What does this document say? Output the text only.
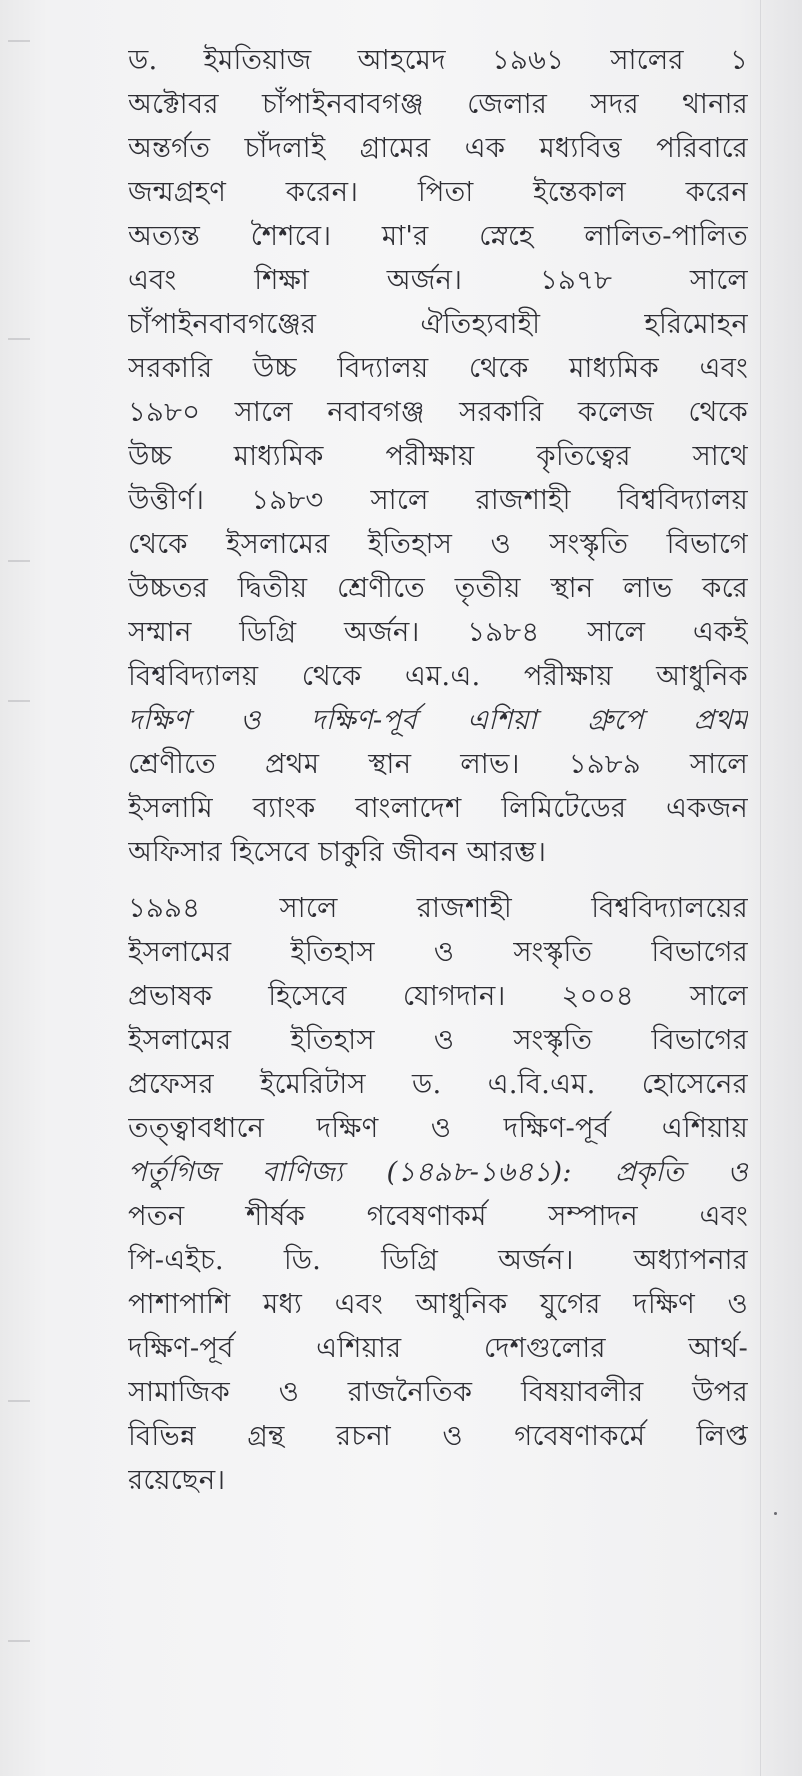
ড. ইমতিয়াজ আহমেদ ১৯৬১ সালের ১
অক্টোবর চাঁপাইনবাবগঞ্জ জেলার সদর থানার
অন্তর্গত চাঁদলাই গ্রামের এক মধ্যবিত্ত পরিবারে
জন্মগ্রহণ করেন। পিতা ইন্তেকাল করেন
অত্যন্ত শৈশবে। মা'র স্নেহে লালিত-পালিত
এবং শিক্ষা অর্জন। ১৯৭৮ সালে
চাঁপাইনবাবগঞ্জের ঐতিহ্যবাহী হরিমোহন
সরকারি উচ্চ বিদ্যালয় থেকে মাধ্যমিক এবং
১৯৮০ সালে নবাবগঞ্জ সরকারি কলেজ থেকে
উচ্চ মাধ্যমিক পরীক্ষায় কৃতিত্বের সাথে
উত্তীর্ণ। ১৯৮৩ সালে রাজশাহী বিশ্ববিদ্যালয়
থেকে ইসলামের ইতিহাস ও সংস্কৃতি বিভাগে
উচ্চতর দ্বিতীয় শ্রেণীতে তৃতীয় স্থান লাভ করে
সম্মান ডিগ্রি অর্জন। ১৯৮৪ সালে একই
বিশ্ববিদ্যালয় থেকে এম.এ. পরীক্ষায় আধুনিক
দক্ষিণ ও দক্ষিণ-পূর্ব এশিয়া গ্রুপে প্রথম
শ্রেণীতে প্রথম স্থান লাভ। ১৯৮৯ সালে
ইসলামি ব্যাংক বাংলাদেশ লিমিটেডের একজন
অফিসার হিসেবে চাকুরি জীবন আরম্ভ।

১৯৯৪ সালে রাজশাহী বিশ্ববিদ্যালয়ের
ইসলামের ইতিহাস ও সংস্কৃতি বিভাগের
প্রভাষক হিসেবে যোগদান। ২০০৪ সালে
ইসলামের ইতিহাস ও সংস্কৃতি বিভাগের
প্রফেসর ইমেরিটাস ড. এ.বি.এম. হোসেনের
তত্ত্বাবধানে দক্ষিণ ও দক্ষিণ-পূর্ব এশিয়ায়
পর্তুগিজ বাণিজ্য (১৪৯৮-১৬৪১): প্রকৃতি ও
পতন শীর্ষক গবেষণাকর্ম সম্পাদন এবং
পি-এইচ. ডি. ডিগ্রি অর্জন। অধ্যাপনার
পাশাপাশি মধ্য এবং আধুনিক যুগের দক্ষিণ ও
দক্ষিণ-পূর্ব এশিয়ার দেশগুলোর আর্থ-
সামাজিক ও রাজনৈতিক বিষয়াবলীর উপর
বিভিন্ন গ্রন্থ রচনা ও গবেষণাকর্মে লিপ্ত
রয়েছেন।
